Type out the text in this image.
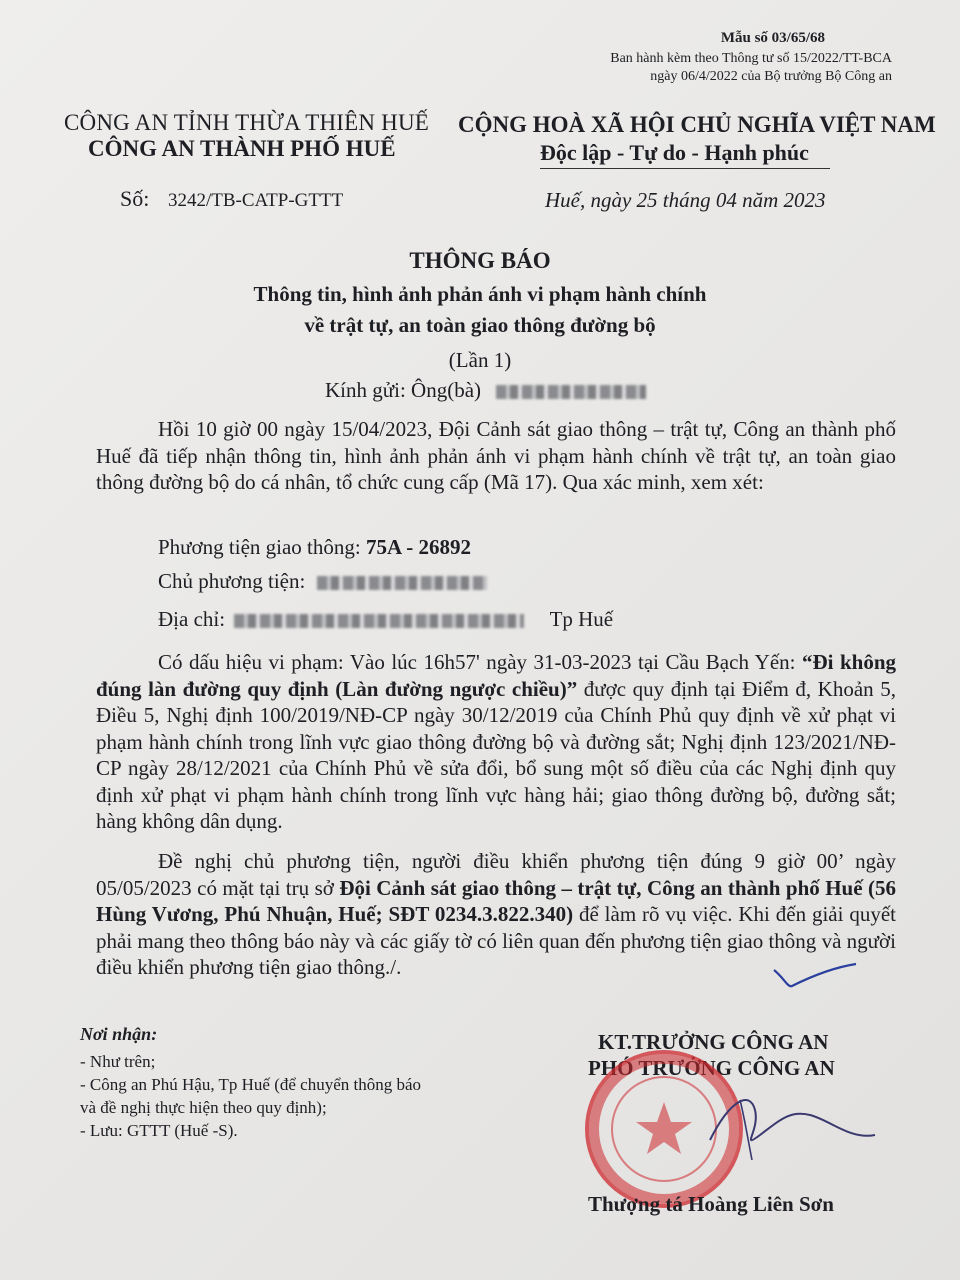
Mẫu số 03/65/68
Ban hành kèm theo Thông tư số 15/2022/TT-BCA
ngày 06/4/2022 của Bộ trưởng Bộ Công an
CÔNG AN TỈNH THỪA THIÊN HUẾ
CÔNG AN THÀNH PHỐ HUẾ
CỘNG HOÀ XÃ HỘI CHỦ NGHĨA VIỆT NAM
Độc lập - Tự do - Hạnh phúc
Số: 3242/TB-CATP-GTTT	Huế, ngày 25 tháng 04 năm 2023
THÔNG BÁO
Thông tin, hình ảnh phản ánh vi phạm hành chính
về trật tự, an toàn giao thông đường bộ
(Lần 1)
Kính gửi: Ông(bà)
Hồi 10 giờ 00 ngày 15/04/2023, Đội Cảnh sát giao thông – trật tự, Công an thành phố Huế đã tiếp nhận thông tin, hình ảnh phản ánh vi phạm hành chính về trật tự, an toàn giao thông đường bộ do cá nhân, tổ chức cung cấp (Mã 17). Qua xác minh, xem xét:
Phương tiện giao thông: 75A - 26892
Chủ phương tiện:
Địa chỉ:	Tp Huế
Có dấu hiệu vi phạm: Vào lúc 16h57' ngày 31-03-2023 tại Cầu Bạch Yến: “Đi không đúng làn đường quy định (Làn đường ngược chiều)” được quy định tại Điểm đ, Khoản 5, Điều 5, Nghị định 100/2019/NĐ-CP ngày 30/12/2019 của Chính Phủ quy định về xử phạt vi phạm hành chính trong lĩnh vực giao thông đường bộ và đường sắt; Nghị định 123/2021/NĐ-CP ngày 28/12/2021 của Chính Phủ về sửa đổi, bổ sung một số điều của các Nghị định quy định xử phạt vi phạm hành chính trong lĩnh vực hàng hải; giao thông đường bộ, đường sắt; hàng không dân dụng.
Đề nghị chủ phương tiện, người điều khiển phương tiện đúng 9 giờ 00’ ngày 05/05/2023 có mặt tại trụ sở Đội Cảnh sát giao thông – trật tự, Công an thành phố Huế (56 Hùng Vương, Phú Nhuận, Huế; SĐT 0234.3.822.340) để làm rõ vụ việc. Khi đến giải quyết phải mang theo thông báo này và các giấy tờ có liên quan đến phương tiện giao thông và người điều khiển phương tiện giao thông./.
Nơi nhận:
- Như trên;
- Công an Phú Hậu, Tp Huế (để chuyển thông báo
và đề nghị thực hiện theo quy định);
- Lưu: GTTT (Huế -S).
KT.TRƯỞNG CÔNG AN
PHÓ TRƯỞNG CÔNG AN
Thượng tá Hoàng Liên Sơn
